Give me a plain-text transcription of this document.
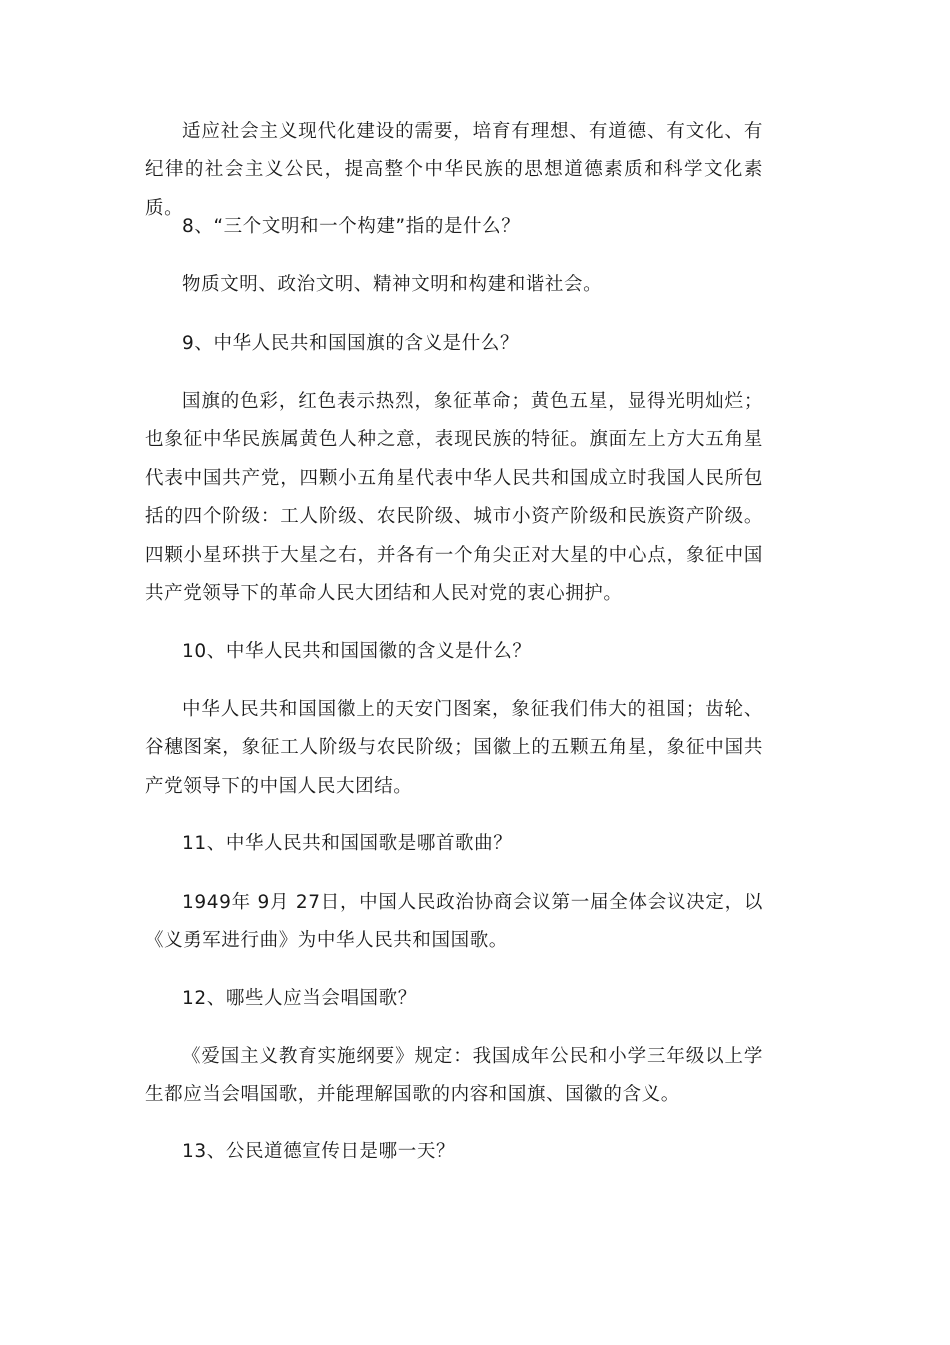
适应社会主义现代化建设的需要，培育有理想、有道德、有文化、有纪律的社会主义公民，提高整个中华民族的思想道德素质和科学文化素质。

8、“三个文明和一个构建”指的是什么？

物质文明、政治文明、精神文明和构建和谐社会。

9、中华人民共和国国旗的含义是什么？

国旗的色彩，红色表示热烈，象征革命；黄色五星，显得光明灿烂；也象征中华民族属黄色人种之意，表现民族的特征。旗面左上方大五角星代表中国共产党，四颗小五角星代表中华人民共和国成立时我国人民所包括的四个阶级：工人阶级、农民阶级、城市小资产阶级和民族资产阶级。四颗小星环拱于大星之右，并各有一个角尖正对大星的中心点，象征中国共产党领导下的革命人民大团结和人民对党的衷心拥护。

10、中华人民共和国国徽的含义是什么？

中华人民共和国国徽上的天安门图案，象征我们伟大的祖国；齿轮、谷穗图案，象征工人阶级与农民阶级；国徽上的五颗五角星，象征中国共产党领导下的中国人民大团结。

11、中华人民共和国国歌是哪首歌曲？

1949年 9月 27日，中国人民政治协商会议第一届全体会议决定，以《义勇军进行曲》为中华人民共和国国歌。

12、哪些人应当会唱国歌？

《爱国主义教育实施纲要》规定：我国成年公民和小学三年级以上学生都应当会唱国歌，并能理解国歌的内容和国旗、国徽的含义。

13、公民道德宣传日是哪一天？
